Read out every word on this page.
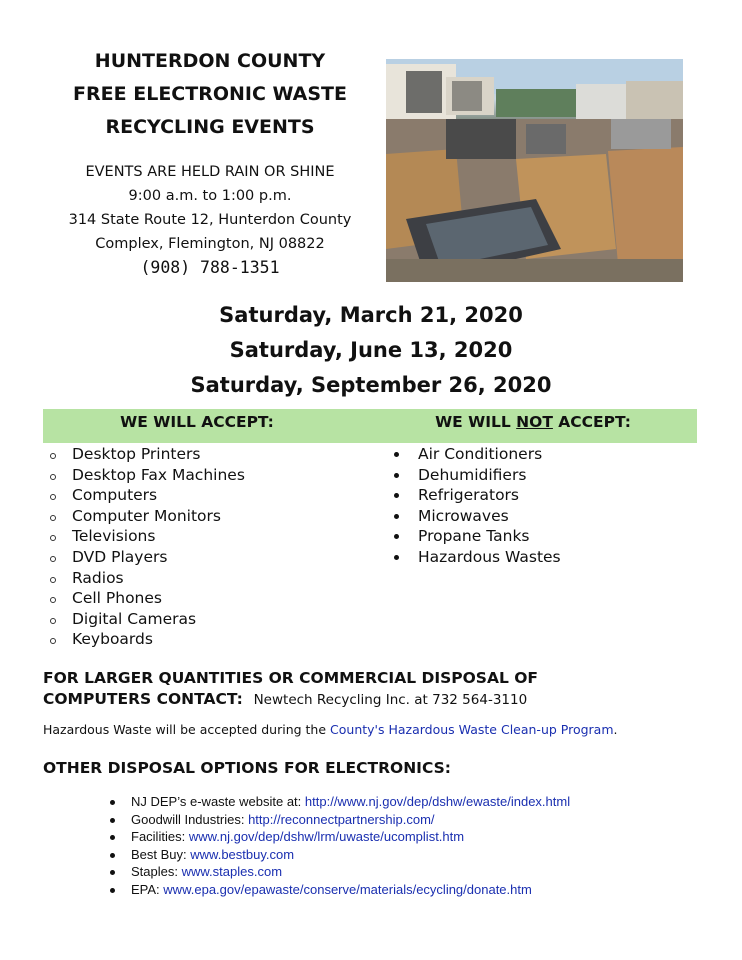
HUNTERDON COUNTY
FREE ELECTRONIC WASTE
RECYCLING EVENTS
EVENTS ARE HELD RAIN OR SHINE
9:00 a.m. to 1:00 p.m.
314 State Route 12, Hunterdon County
Complex, Flemington, NJ 08822
(908) 788-1351
Saturday, March 21, 2020
Saturday, June 13, 2020
Saturday, September 26, 2020
WE WILL ACCEPT:	WE WILL NOT ACCEPT:
Desktop Printers
Desktop Fax Machines
Computers
Computer Monitors
Televisions
DVD Players
Radios
Cell Phones
Digital Cameras
Keyboards
Air Conditioners
Dehumidifiers
Refrigerators
Microwaves
Propane Tanks
Hazardous Wastes
FOR LARGER QUANTITIES OR COMMERCIAL DISPOSAL OF
COMPUTERS CONTACT: Newtech Recycling Inc. at 732 564-3110
Hazardous Waste will be accepted during the County's Hazardous Waste Clean-up Program.
OTHER DISPOSAL OPTIONS FOR ELECTRONICS:
NJ DEP’s e-waste website at: http://www.nj.gov/dep/dshw/ewaste/index.html
Goodwill Industries: http://reconnectpartnership.com/
Facilities: www.nj.gov/dep/dshw/lrm/uwaste/ucomplist.htm
Best Buy: www.bestbuy.com
Staples: www.staples.com
EPA: www.epa.gov/epawaste/conserve/materials/ecycling/donate.htm
